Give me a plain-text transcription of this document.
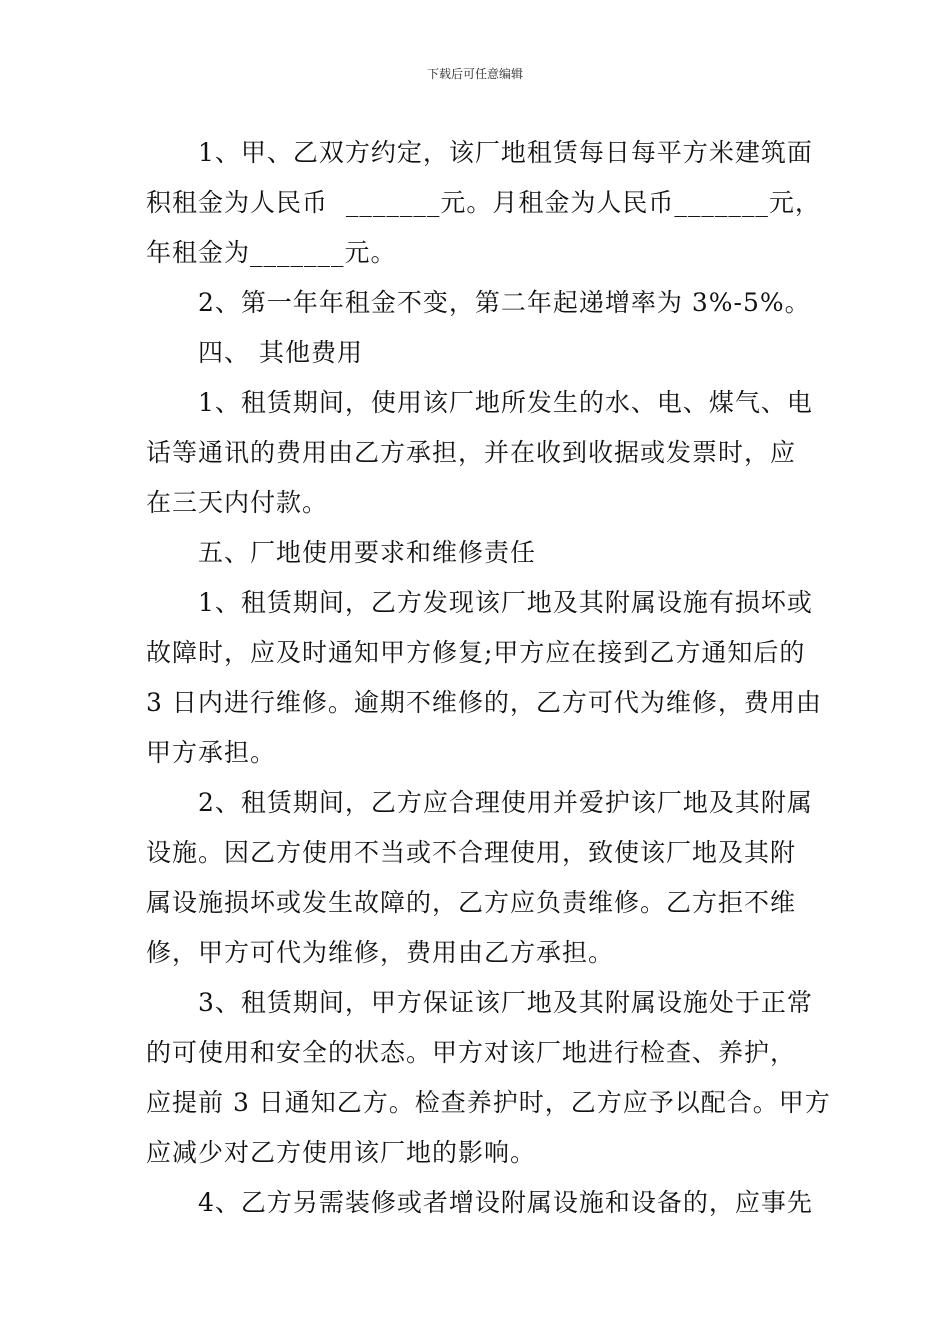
下载后可任意编辑

1、甲、乙双方约定，该厂地租赁每日每平方米建筑面
积租金为人民币  _______元。月租金为人民币_______元，
年租金为_______元。

2、第一年年租金不变，第二年起递增率为 3%-5%。

四、 其他费用

1、租赁期间，使用该厂地所发生的水、电、煤气、电
话等通讯的费用由乙方承担，并在收到收据或发票时，应
在三天内付款。

五、厂地使用要求和维修责任

1、租赁期间，乙方发现该厂地及其附属设施有损坏或
故障时，应及时通知甲方修复;甲方应在接到乙方通知后的
3 日内进行维修。逾期不维修的，乙方可代为维修，费用由
甲方承担。

2、租赁期间，乙方应合理使用并爱护该厂地及其附属
设施。因乙方使用不当或不合理使用，致使该厂地及其附
属设施损坏或发生故障的，乙方应负责维修。乙方拒不维
修，甲方可代为维修，费用由乙方承担。

3、租赁期间，甲方保证该厂地及其附属设施处于正常
的可使用和安全的状态。甲方对该厂地进行检查、养护，
应提前 3 日通知乙方。检查养护时，乙方应予以配合。甲方
应减少对乙方使用该厂地的影响。

4、乙方另需装修或者增设附属设施和设备的，应事先
